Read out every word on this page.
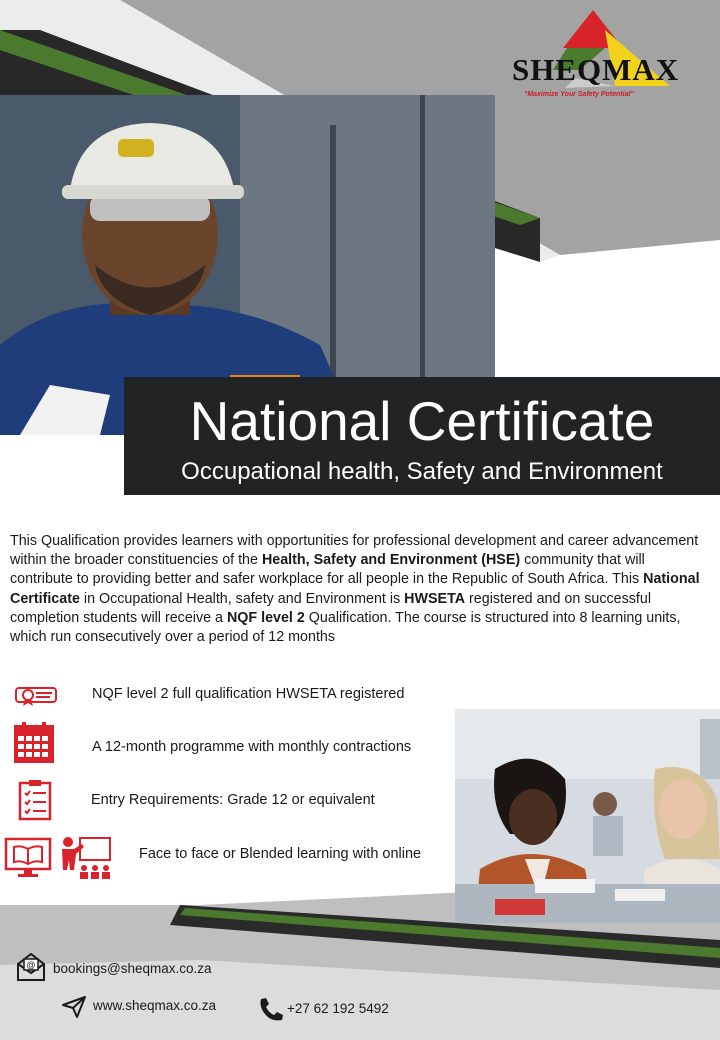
SHEQMAX
"Maximize Your Safety Potential"
National Certificate
Occupational health, Safety and Environment
This Qualification provides learners with opportunities for professional development and career advancement within the broader constituencies of the Health, Safety and Environment (HSE) community that will contribute to providing better and safer workplace for all people in the Republic of South Africa. This National Certificate in Occupational Health, safety and Environment is HWSETA registered and on successful completion students will receive a NQF level 2 Qualification. The course is structured into 8 learning units, which run consecutively over a period of 12 months
NQF level 2 full qualification HWSETA registered
A 12-month programme with monthly contractions
Entry Requirements: Grade 12 or equivalent
Face to face or Blended learning with online
@ bookings@sheqmax.co.za
www.sheqmax.co.za	+27 62 192 5492
